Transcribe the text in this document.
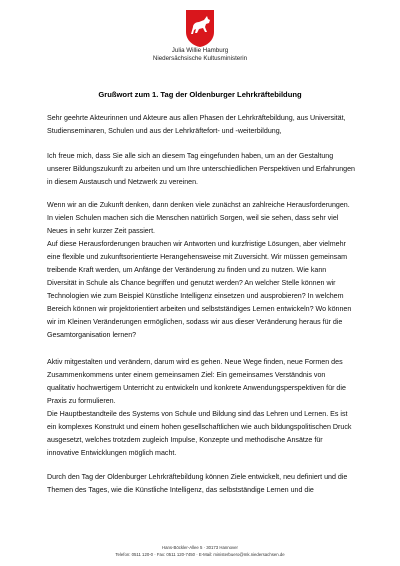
Julia Willie Hamburg
Niedersächsische Kultusministerin
Grußwort zum 1. Tag der Oldenburger Lehrkräftebildung
Sehr geehrte Akteurinnen und Akteure aus allen Phasen der Lehrkräftebildung, aus Universität,
Studienseminaren, Schulen und aus der Lehrkräftefort- und -weiterbildung,
Ich freue mich, dass Sie alle sich an diesem Tag eingefunden haben, um an der Gestaltung
unserer Bildungszukunft zu arbeiten und um Ihre unterschiedlichen Perspektiven und Erfahrungen
in diesem Austausch und Netzwerk zu vereinen.
Wenn wir an die Zukunft denken, dann denken viele zunächst an zahlreiche Herausforderungen.
In vielen Schulen machen sich die Menschen natürlich Sorgen, weil sie sehen, dass sehr viel
Neues in sehr kurzer Zeit passiert.
Auf diese Herausforderungen brauchen wir Antworten und kurzfristige Lösungen, aber vielmehr
eine flexible und zukunftsorientierte Herangehensweise mit Zuversicht. Wir müssen gemeinsam
treibende Kraft werden, um Anfänge der Veränderung zu finden und zu nutzen. Wie kann
Diversität in Schule als Chance begriffen und genutzt werden? An welcher Stelle können wir
Technologien wie zum Beispiel Künstliche Intelligenz einsetzen und ausprobieren? In welchem
Bereich können wir projektorientiert arbeiten und selbstständiges Lernen entwickeln? Wo können
wir im Kleinen Veränderungen ermöglichen, sodass wir aus dieser Veränderung heraus für die
Gesamtorganisation lernen?
Aktiv mitgestalten und verändern, darum wird es gehen. Neue Wege finden, neue Formen des
Zusammenkommens unter einem gemeinsamen Ziel: Ein gemeinsames Verständnis von
qualitativ hochwertigem Unterricht zu entwickeln und konkrete Anwendungsperspektiven für die
Praxis zu formulieren.
Die Hauptbestandteile des Systems von Schule und Bildung sind das Lehren und Lernen. Es ist
ein komplexes Konstrukt und einem hohen gesellschaftlichen wie auch bildungspolitischen Druck
ausgesetzt, welches trotzdem zugleich Impulse, Konzepte und methodische Ansätze für
innovative Entwicklungen möglich macht.
Durch den Tag der Oldenburger Lehrkräftebildung können Ziele entwickelt, neu definiert und die
Themen des Tages, wie die Künstliche Intelligenz, das selbstständige Lernen und die
Hans-Böckler-Allee 5 · 30173 Hannover
Telefon: 0511 120-0 · Fax: 0511 120-7450 · E-Mail: ministerbuero@mk.niedersachsen.de
